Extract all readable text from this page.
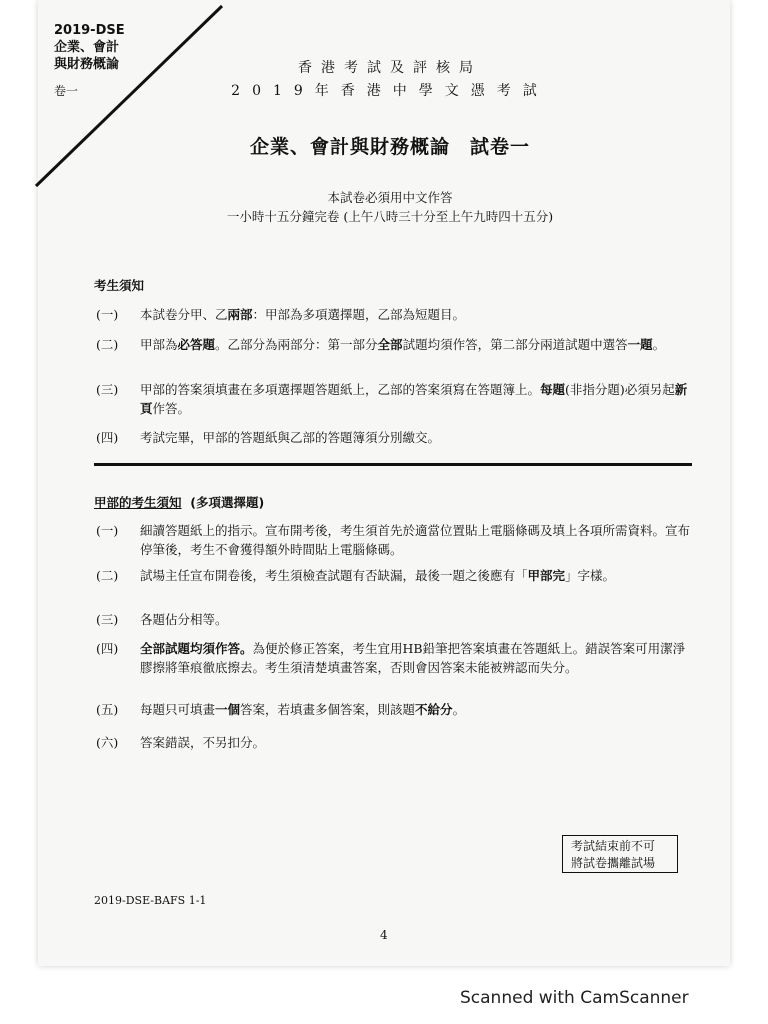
2019-DSE
企業、會計
與財務概論
卷一
香港考試及評核局
2019年香港中學文憑考試
企業、會計與財務概論　試卷一
本試卷必須用中文作答
一小時十五分鐘完卷 (上午八時三十分至上午九時四十五分)
考生須知
(一)	本試卷分甲、乙兩部：甲部為多項選擇題，乙部為短題目。
(二)	甲部為必答題。乙部分為兩部分：第一部分全部試題均須作答，第二部分兩道試題中選答一題。
(三)	甲部的答案須填畫在多項選擇題答題紙上，乙部的答案須寫在答題簿上。每題(非指分題)必須另起新頁作答。
(四)	考試完畢，甲部的答題紙與乙部的答題簿須分別繳交。
甲部的考生須知 (多項選擇題)
(一)	細讀答題紙上的指示。宣布開考後，考生須首先於適當位置貼上電腦條碼及填上各項所需資料。宣布停筆後，考生不會獲得額外時間貼上電腦條碼。
(二)	試場主任宣布開卷後，考生須檢查試題有否缺漏，最後一題之後應有「甲部完」字樣。
(三)	各題佔分相等。
(四)	全部試題均須作答。為便於修正答案，考生宜用HB鉛筆把答案填畫在答題紙上。錯誤答案可用潔淨膠擦將筆痕徹底擦去。考生須清楚填畫答案，否則會因答案未能被辨認而失分。
(五)	每題只可填畫一個答案，若填畫多個答案，則該題不給分。
(六)	答案錯誤，不另扣分。
考試結束前不可
將試卷攜離試場
2019-DSE-BAFS 1-1
4
Scanned with CamScanner
